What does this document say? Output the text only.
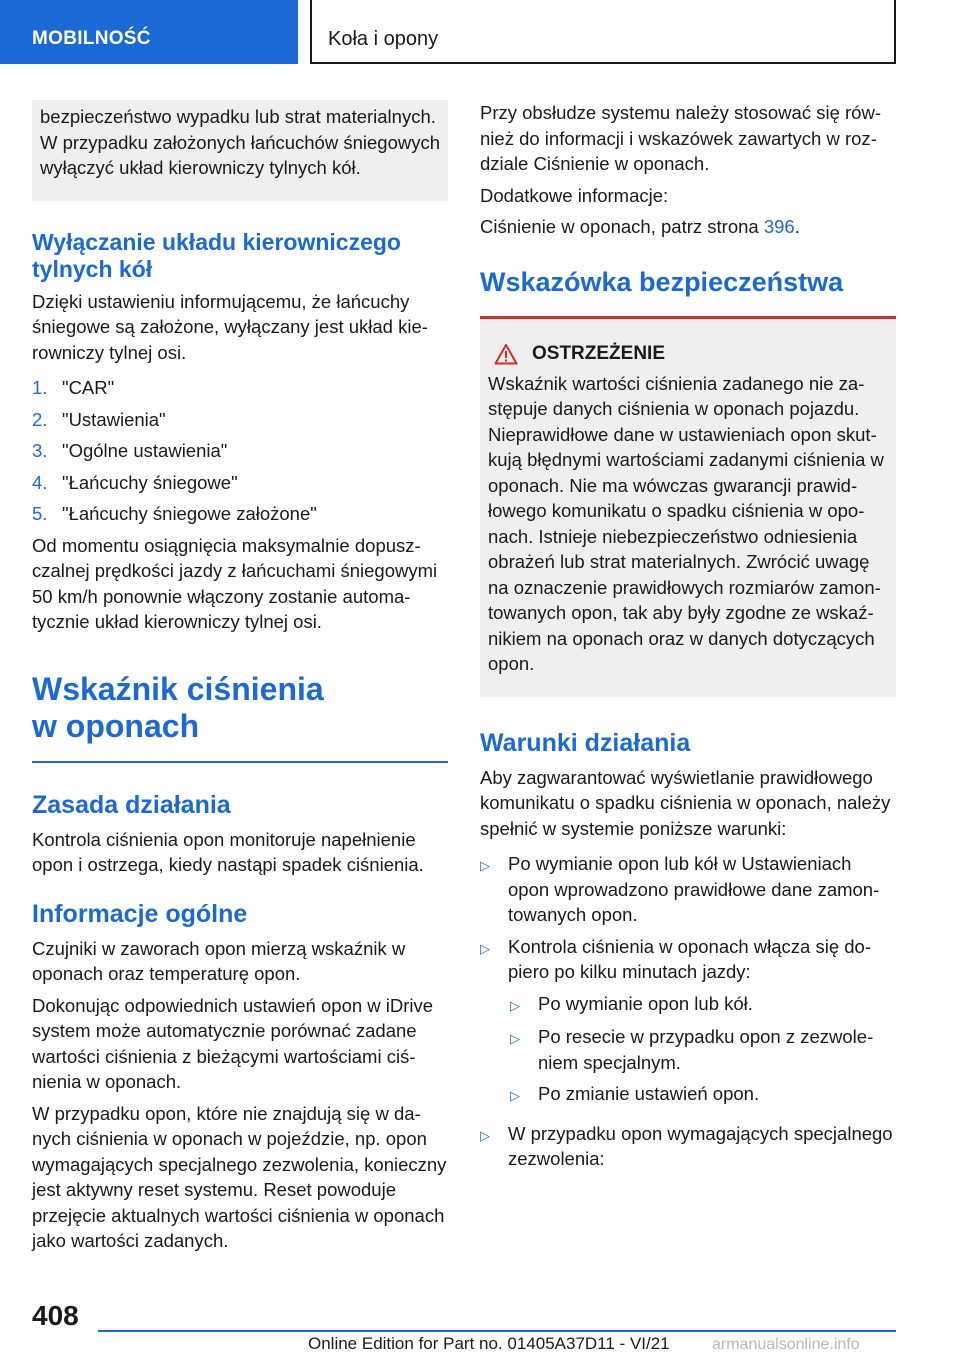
MOBILNOŚĆ	Koła i opony

bezpieczeństwo wypadku lub strat materialnych. W przypadku założonych łańcuchów śniegowych wyłączyć układ kierowniczy tylnych kół.

Wyłączanie układu kierowniczego tylnych kół

Dzięki ustawieniu informującemu, że łańcuchy śniegowe są założone, wyłączany jest układ kierowniczy tylnej osi.

1. "CAR"
2. "Ustawienia"
3. "Ogólne ustawienia"
4. "Łańcuchy śniegowe"
5. "Łańcuchy śniegowe założone"

Od momentu osiągnięcia maksymalnie dopuszczalnej prędkości jazdy z łańcuchami śniegowymi 50 km/h ponownie włączony zostanie automatycznie układ kierowniczy tylnej osi.

Wskaźnik ciśnienia
w oponach
Zasada działania

Kontrola ciśnienia opon monitoruje napełnienie opon i ostrzega, kiedy nastąpi spadek ciśnienia.

Informacje ogólne

Czujniki w zaworach opon mierzą wskaźnik w oponach oraz temperaturę opon.

Dokonując odpowiednich ustawień opon w iDrive system może automatycznie porównać zadane wartości ciśnienia z bieżącymi wartościami ciśnienia w oponach.

W przypadku opon, które nie znajdują się w danych ciśnienia w oponach w pojeździe, np. opon wymagających specjalnego zezwolenia, konieczny jest aktywny reset systemu. Reset powoduje przejęcie aktualnych wartości ciśnienia w oponach jako wartości zadanych.

Przy obsłudze systemu należy stosować się również do informacji i wskazówek zawartych w rozdziale Ciśnienie w oponach.

Dodatkowe informacje:

Ciśnienie w oponach, patrz strona 396.

Wskazówka bezpieczeństwa
OSTRZEŻENIE

Wskaźnik wartości ciśnienia zadanego nie zastępuje danych ciśnienia w oponach pojazdu. Nieprawidłowe dane w ustawieniach opon skutkują błędnymi wartościami zadanymi ciśnienia w oponach. Nie ma wówczas gwarancji prawidłowego komunikatu o spadku ciśnienia w oponach. Istnieje niebezpieczeństwo odniesienia obrażeń lub strat materialnych. Zwrócić uwagę na oznaczenie prawidłowych rozmiarów zamontowanych opon, tak aby były zgodne ze wskaźnikiem na oponach oraz w danych dotyczących opon.

Warunki działania

Aby zagwarantować wyświetlanie prawidłowego komunikatu o spadku ciśnienia w oponach, należy spełnić w systemie poniższe warunki:

▷ Po wymianie opon lub kół w Ustawieniach opon wprowadzono prawidłowe dane zamontowanych opon.
▷ Kontrola ciśnienia w oponach włącza się dopiero po kilku minutach jazdy:
▷ Po wymianie opon lub kół.
▷ Po resecie w przypadku opon z zezwoleniem specjalnym.
▷ Po zmianie ustawień opon.
▷ W przypadku opon wymagających specjalnego zezwolenia:
408
Online Edition for Part no. 01405A37D11 - VI/21	armanualsonline.info
